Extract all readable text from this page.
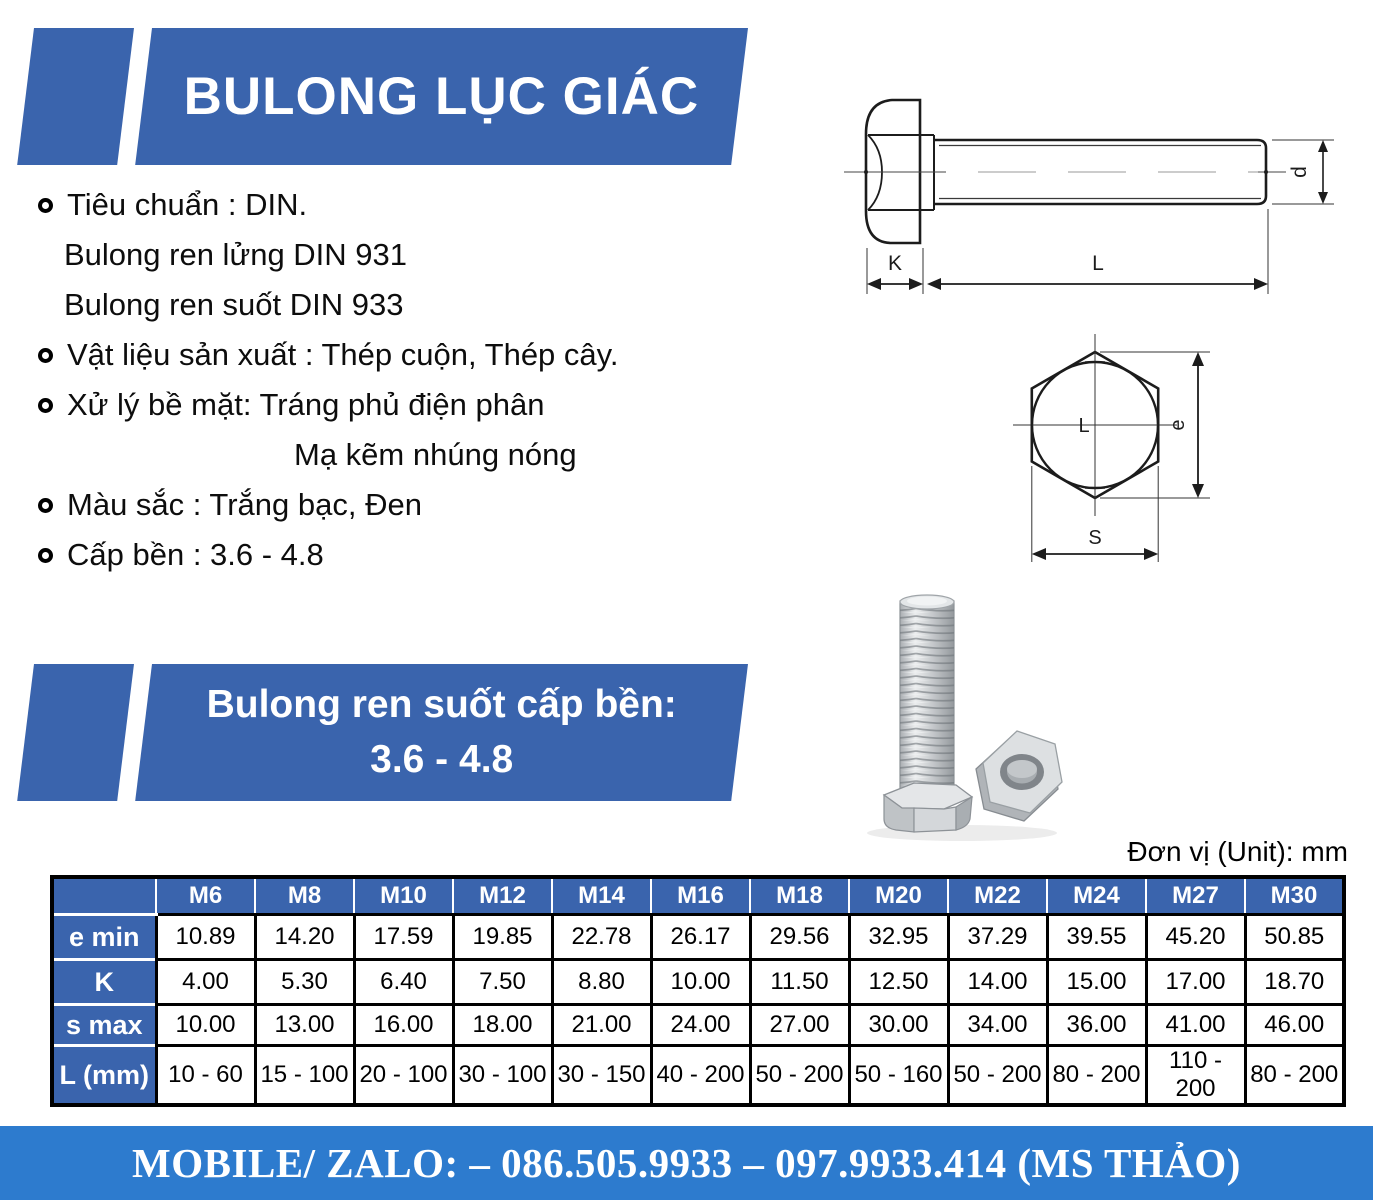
BULONG LỤC GIÁC
Tiêu chuẩn : DIN.
Bulong ren lửng DIN 931
Bulong ren suốt DIN 933
Vật liệu sản xuất : Thép cuộn, Thép cây.
Xử lý bề mặt: Tráng phủ điện phân
Mạ kẽm nhúng nóng
Màu sắc : Trắng bạc, Đen
Cấp bền : 3.6 - 4.8
K	L
d
L	e
S
Bulong ren suốt cấp bền:
3.6 - 4.8
Đơn vị (Unit): mm
	M6	M8	M10	M12	M14	M16	M18	M20	M22	M24	M27	M30
e min	10.89	14.20	17.59	19.85	22.78	26.17	29.56	32.95	37.29	39.55	45.20	50.85
K	4.00	5.30	6.40	7.50	8.80	10.00	11.50	12.50	14.00	15.00	17.00	18.70
s max	10.00	13.00	16.00	18.00	21.00	24.00	27.00	30.00	34.00	36.00	41.00	46.00
L (mm)	10 - 60	15 - 100	20 - 100	30 - 100	30 - 150	40 - 200	50 - 200	50 - 160	50 - 200	80 - 200	110 - 200	80 - 200
MOBILE/ ZALO: – 086.505.9933 – 097.9933.414 (MS THẢO)
